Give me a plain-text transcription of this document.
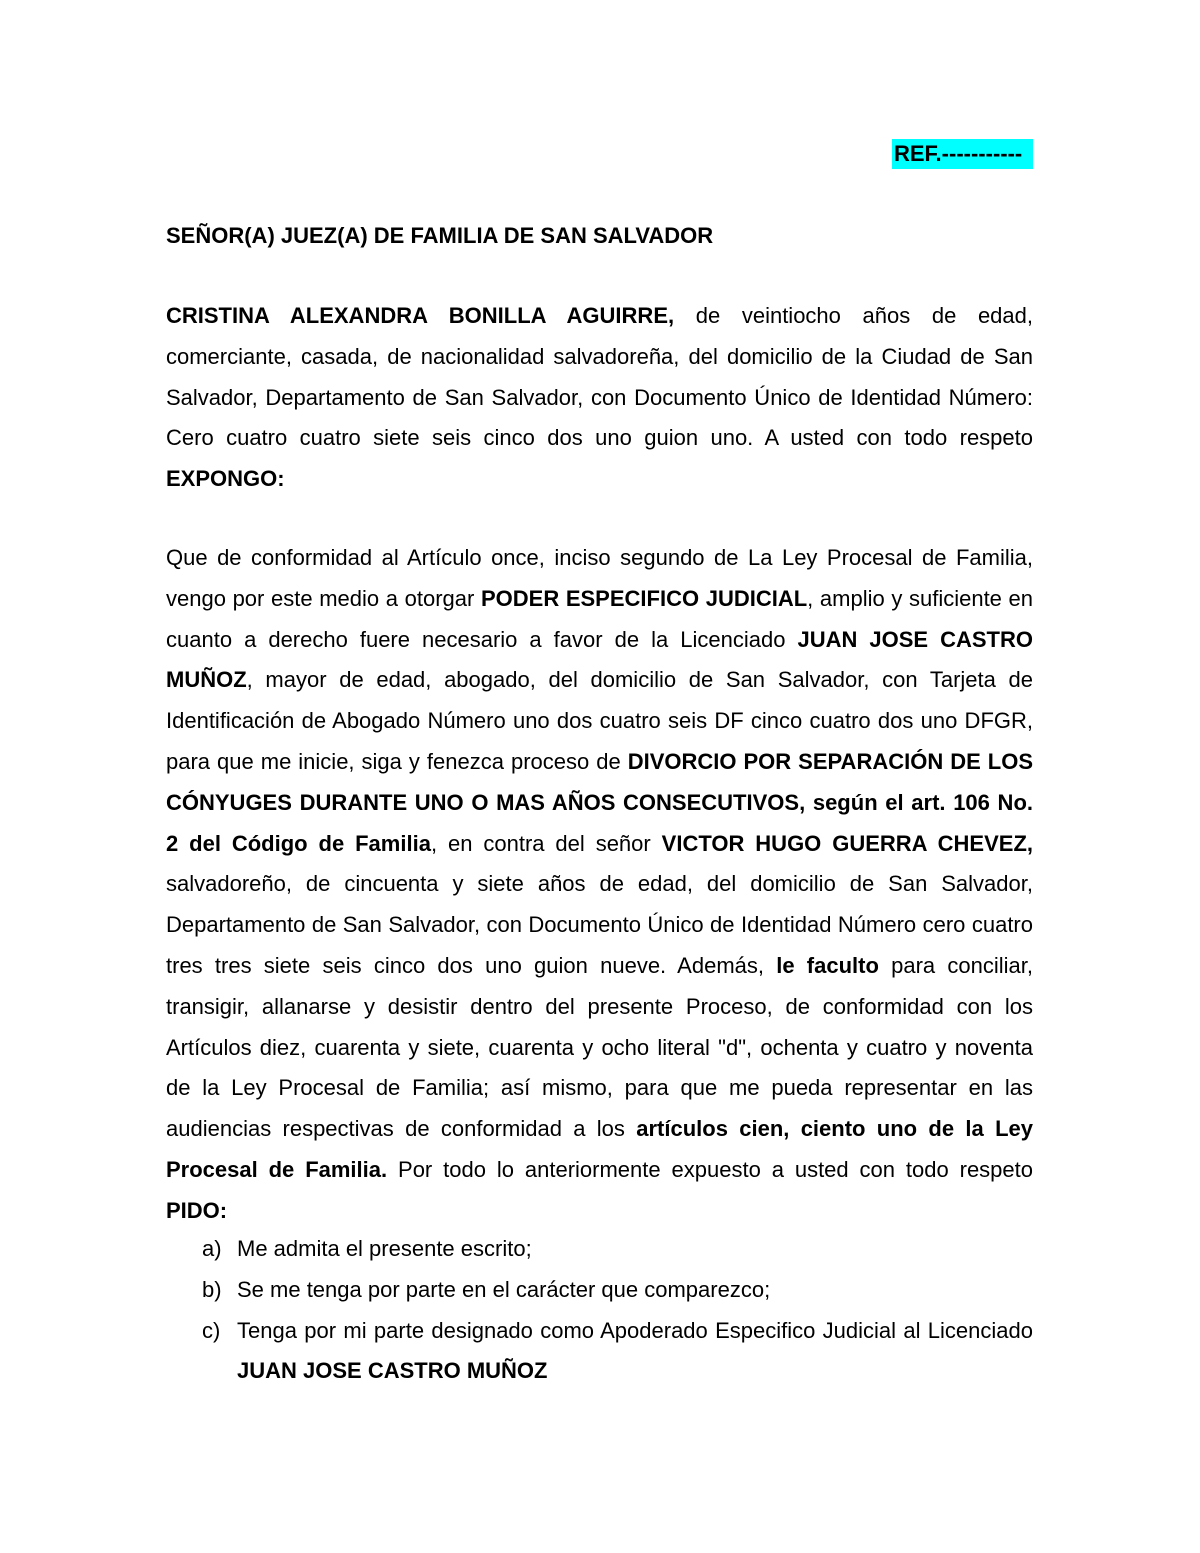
REF.-----------
SEÑOR(A) JUEZ(A) DE FAMILIA DE SAN SALVADOR
CRISTINA ALEXANDRA BONILLA AGUIRRE, de veintiocho años de edad, comerciante, casada, de nacionalidad salvadoreña, del domicilio de la Ciudad de San Salvador, Departamento de San Salvador, con Documento Único de Identidad Número: Cero cuatro cuatro siete seis cinco dos uno guion uno. A usted con todo respeto EXPONGO:
Que de conformidad al Artículo once, inciso segundo de La Ley Procesal de Familia, vengo por este medio a otorgar PODER ESPECIFICO JUDICIAL, amplio y suficiente en cuanto a derecho fuere necesario a favor de la Licenciado JUAN JOSE CASTRO MUÑOZ, mayor de edad, abogado, del domicilio de San Salvador, con Tarjeta de Identificación de Abogado Número uno dos cuatro seis DF cinco cuatro dos uno DFGR, para que me inicie, siga y fenezca proceso de DIVORCIO POR SEPARACIÓN DE LOS CÓNYUGES DURANTE UNO O MAS AÑOS CONSECUTIVOS, según el art. 106 No. 2 del Código de Familia, en contra del señor VICTOR HUGO GUERRA CHEVEZ, salvadoreño, de cincuenta y siete años de edad, del domicilio de San Salvador, Departamento de San Salvador, con Documento Único de Identidad Número cero cuatro tres tres siete seis cinco dos uno guion nueve. Además, le faculto para conciliar, transigir, allanarse y desistir dentro del presente Proceso, de conformidad con los Artículos diez, cuarenta y siete, cuarenta y ocho literal "d", ochenta y cuatro y noventa de la Ley Procesal de Familia; así mismo, para que me pueda representar en las audiencias respectivas de conformidad a los artículos cien, ciento uno de la Ley Procesal de Familia. Por todo lo anteriormente expuesto a usted con todo respeto PIDO:
a) Me admita el presente escrito;
b) Se me tenga por parte en el carácter que comparezco;
c) Tenga por mi parte designado como Apoderado Especifico Judicial al Licenciado JUAN JOSE CASTRO MUÑOZ
